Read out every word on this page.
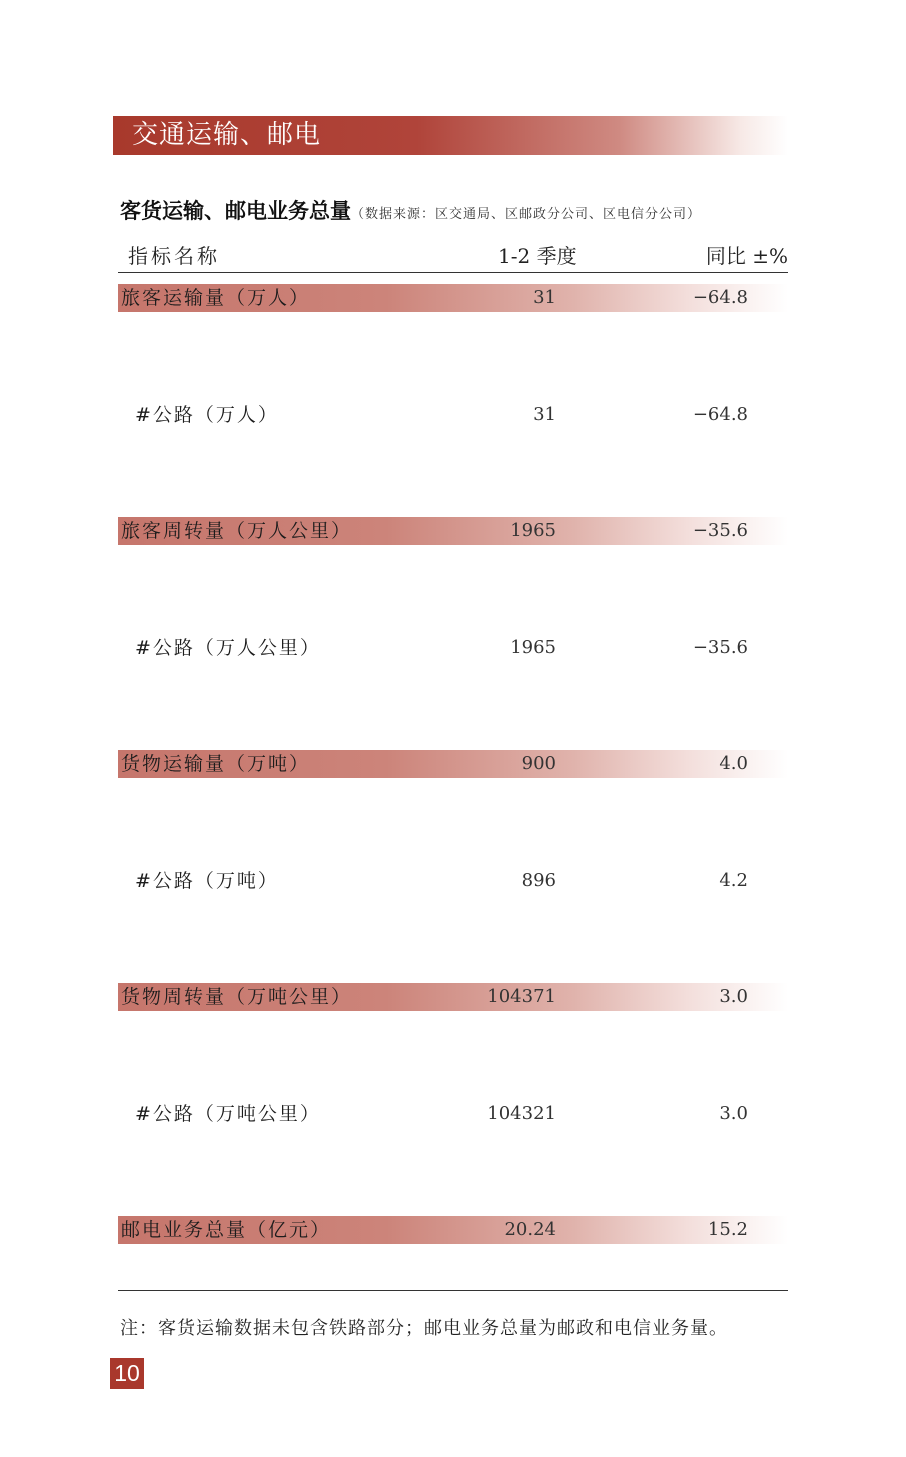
交通运输、邮电
客货运输、邮电业务总量（数据来源：区交通局、区邮政分公司、区电信分公司）
指标名称	1-2 季度	同比 ±%
旅客运输量（万人）	31	−64.8
#公路（万人）	31	−64.8
旅客周转量（万人公里）	1965	−35.6
#公路（万人公里）	1965	−35.6
货物运输量（万吨）	900	4.0
#公路（万吨）	896	4.2
货物周转量（万吨公里）	104371	3.0
#公路（万吨公里）	104321	3.0
邮电业务总量（亿元）	20.24	15.2
注：客货运输数据未包含铁路部分；邮电业务总量为邮政和电信业务量。
10
